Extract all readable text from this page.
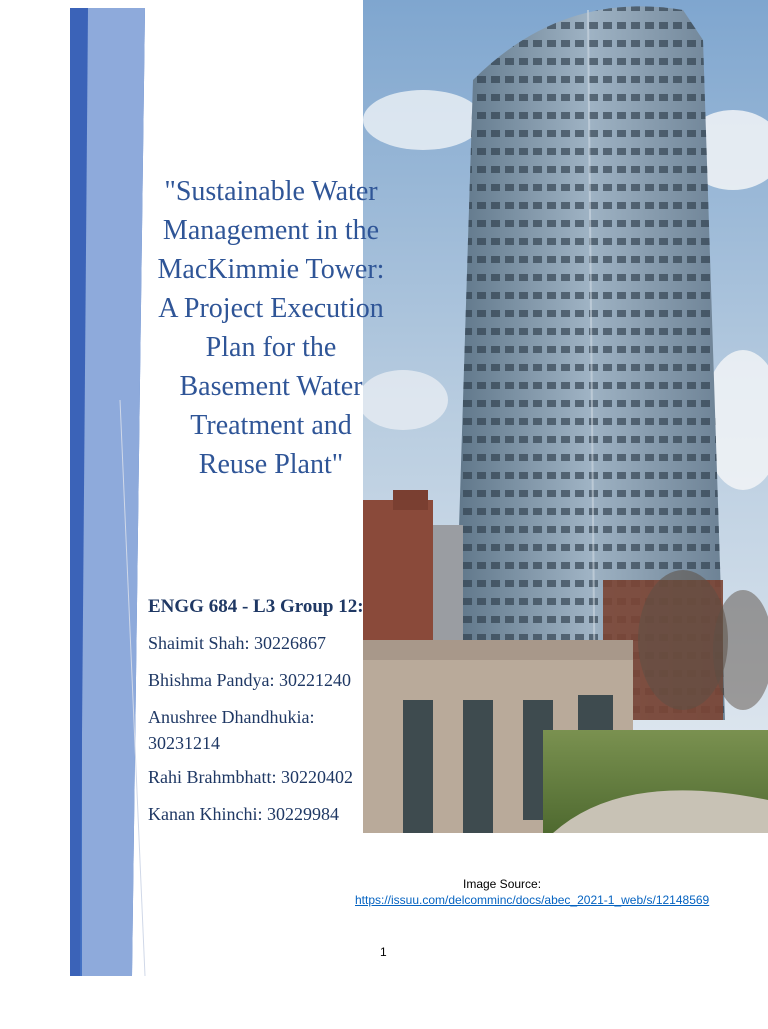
"Sustainable Water
Management in the
MacKimmie Tower:
A Project Execution
Plan for the
Basement Water
Treatment and
Reuse Plant"
ENGG 684 - L3 Group 12:
Shaimit Shah: 30226867
Bhishma Pandya: 30221240
Anushree Dhandhukia:
30231214
Rahi Brahmbhatt: 30220402
Kanan Khinchi: 30229984
Image Source:
https://issuu.com/delcomminc/docs/abec_2021-1_web/s/12148569
1
